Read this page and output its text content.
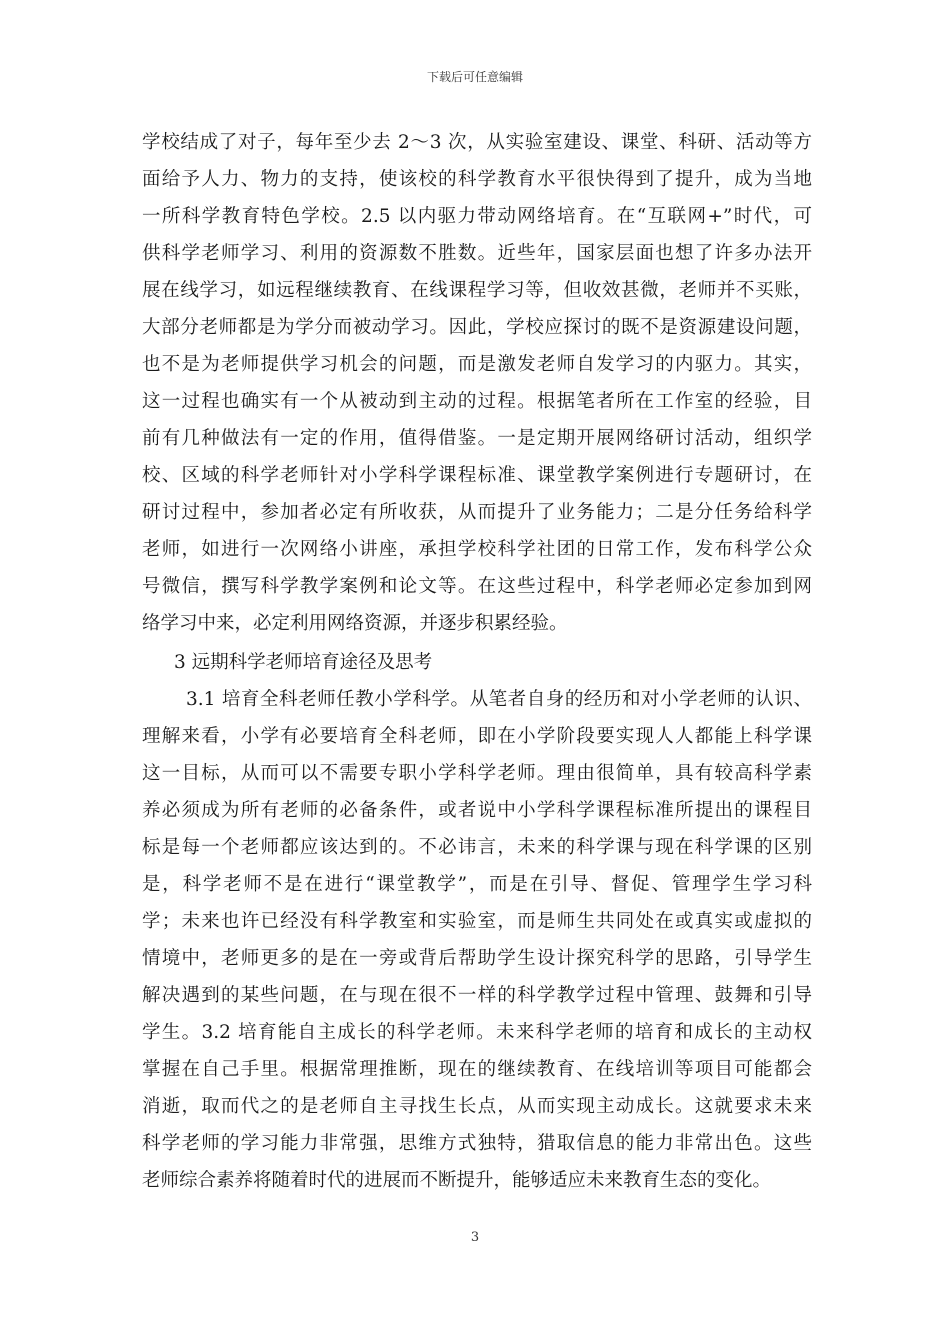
下载后可任意编辑
学校结成了对子，每年至少去 2～3 次，从实验室建设、课堂、科研、活动等方
面给予人力、物力的支持，使该校的科学教育水平很快得到了提升，成为当地
一所科学教育特色学校。2.5 以内驱力带动网络培育。在“互联网+”时代，可
供科学老师学习、利用的资源数不胜数。近些年，国家层面也想了许多办法开
展在线学习，如远程继续教育、在线课程学习等，但收效甚微，老师并不买账，
大部分老师都是为学分而被动学习。因此，学校应探讨的既不是资源建设问题，
也不是为老师提供学习机会的问题，而是激发老师自发学习的内驱力。其实，
这一过程也确实有一个从被动到主动的过程。根据笔者所在工作室的经验，目
前有几种做法有一定的作用，值得借鉴。一是定期开展网络研讨活动，组织学
校、区域的科学老师针对小学科学课程标准、课堂教学案例进行专题研讨，在
研讨过程中，参加者必定有所收获，从而提升了业务能力；二是分任务给科学
老师，如进行一次网络小讲座，承担学校科学社团的日常工作，发布科学公众
号微信，撰写科学教学案例和论文等。在这些过程中，科学老师必定参加到网
络学习中来，必定利用网络资源，并逐步积累经验。
3 远期科学老师培育途径及思考
3.1 培育全科老师任教小学科学。从笔者自身的经历和对小学老师的认识、
理解来看，小学有必要培育全科老师，即在小学阶段要实现人人都能上科学课
这一目标，从而可以不需要专职小学科学老师。理由很简单，具有较高科学素
养必须成为所有老师的必备条件，或者说中小学科学课程标准所提出的课程目
标是每一个老师都应该达到的。不必讳言，未来的科学课与现在科学课的区别
是，科学老师不是在进行“课堂教学”，而是在引导、督促、管理学生学习科
学；未来也许已经没有科学教室和实验室，而是师生共同处在或真实或虚拟的
情境中，老师更多的是在一旁或背后帮助学生设计探究科学的思路，引导学生
解决遇到的某些问题，在与现在很不一样的科学教学过程中管理、鼓舞和引导
学生。3.2 培育能自主成长的科学老师。未来科学老师的培育和成长的主动权
掌握在自己手里。根据常理推断，现在的继续教育、在线培训等项目可能都会
消逝，取而代之的是老师自主寻找生长点，从而实现主动成长。这就要求未来
科学老师的学习能力非常强，思维方式独特，猎取信息的能力非常出色。这些
老师综合素养将随着时代的进展而不断提升，能够适应未来教育生态的变化。
3
